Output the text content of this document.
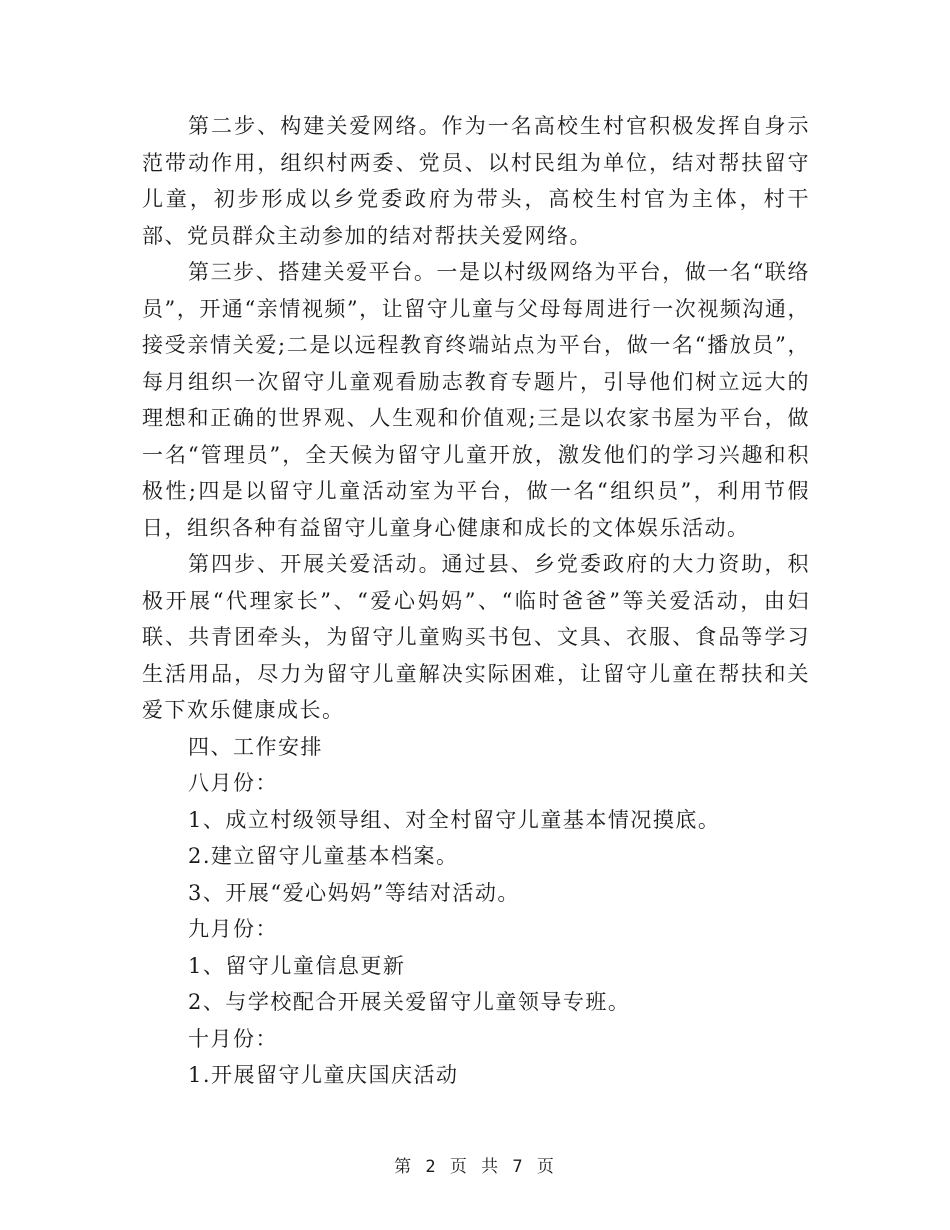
第二步、构建关爱网络。作为一名高校生村官积极发挥自身示范带动作用，组织村两委、党员、以村民组为单位，结对帮扶留守儿童，初步形成以乡党委政府为带头，高校生村官为主体，村干部、党员群众主动参加的结对帮扶关爱网络。

第三步、搭建关爱平台。一是以村级网络为平台，做一名“联络员”，开通“亲情视频”，让留守儿童与父母每周进行一次视频沟通，接受亲情关爱;二是以远程教育终端站点为平台，做一名“播放员”，每月组织一次留守儿童观看励志教育专题片，引导他们树立远大的理想和正确的世界观、人生观和价值观;三是以农家书屋为平台，做一名“管理员”，全天候为留守儿童开放，激发他们的学习兴趣和积极性;四是以留守儿童活动室为平台，做一名“组织员”，利用节假日，组织各种有益留守儿童身心健康和成长的文体娱乐活动。

第四步、开展关爱活动。通过县、乡党委政府的大力资助，积极开展“代理家长”、“爱心妈妈”、“临时爸爸”等关爱活动，由妇联、共青团牵头，为留守儿童购买书包、文具、衣服、食品等学习生活用品，尽力为留守儿童解决实际困难，让留守儿童在帮扶和关爱下欢乐健康成长。

四、工作安排

八月份：

1、成立村级领导组、对全村留守儿童基本情况摸底。

2.建立留守儿童基本档案。

3、开展“爱心妈妈”等结对活动。

九月份：

1、留守儿童信息更新

2、与学校配合开展关爱留守儿童领导专班。

十月份：

1.开展留守儿童庆国庆活动

第 2 页 共 7 页
